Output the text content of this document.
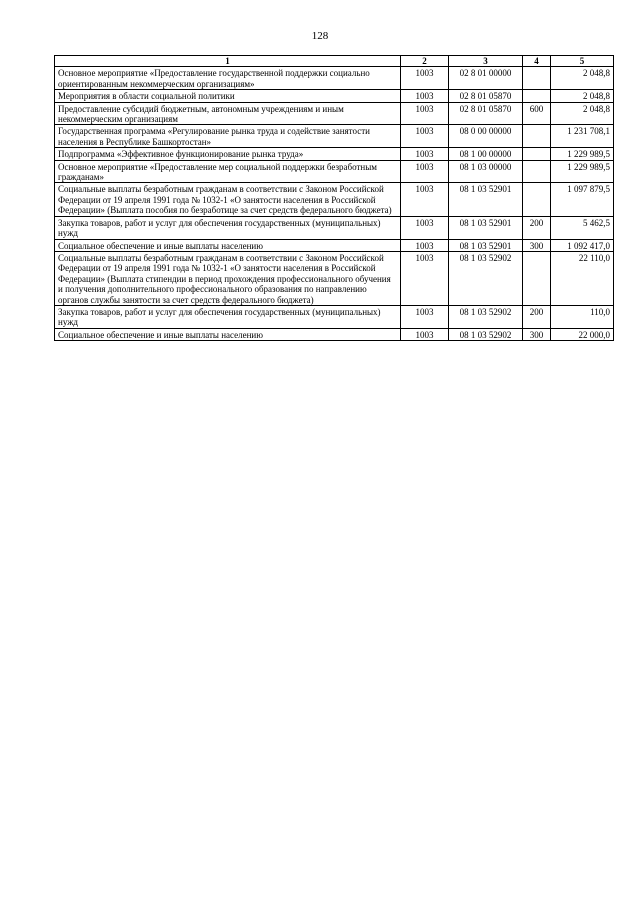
128
1	2	3	4	5
Основное мероприятие «Предоставление государственной поддержки социально ориентированным некоммерческим организациям»	1003	02 8 01 00000		2 048,8
Мероприятия в области социальной политики	1003	02 8 01 05870		2 048,8
Предоставление субсидий бюджетным, автономным учреждениям и иным некоммерческим организациям	1003	02 8 01 05870	600	2 048,8
Государственная программа «Регулирование рынка труда и содействие занятости населения в Республике Башкортостан»	1003	08 0 00 00000		1 231 708,1
Подпрограмма «Эффективное функционирование рынка труда»	1003	08 1 00 00000		1 229 989,5
Основное мероприятие «Предоставление мер социальной поддержки безработным гражданам»	1003	08 1 03 00000		1 229 989,5
Социальные выплаты безработным гражданам в соответствии с Законом Российской Федерации от 19 апреля 1991 года № 1032-1 «О занятости населения в Российской Федерации» (Выплата пособия по безработице за счет средств федерального бюджета)	1003	08 1 03 52901		1 097 879,5
Закупка товаров, работ и услуг для обеспечения государственных (муниципальных) нужд	1003	08 1 03 52901	200	5 462,5
Социальное обеспечение и иные выплаты населению	1003	08 1 03 52901	300	1 092 417,0
Социальные выплаты безработным гражданам в соответствии с Законом Российской Федерации от 19 апреля 1991 года № 1032-1 «О занятости населения в Российской Федерации» (Выплата стипендии в период прохождения профессионального обучения и получения дополнительного профессионального образования по направлению органов службы занятости за счет средств федерального бюджета)	1003	08 1 03 52902		22 110,0
Закупка товаров, работ и услуг для обеспечения государственных (муниципальных) нужд	1003	08 1 03 52902	200	110,0
Социальное обеспечение и иные выплаты населению	1003	08 1 03 52902	300	22 000,0
